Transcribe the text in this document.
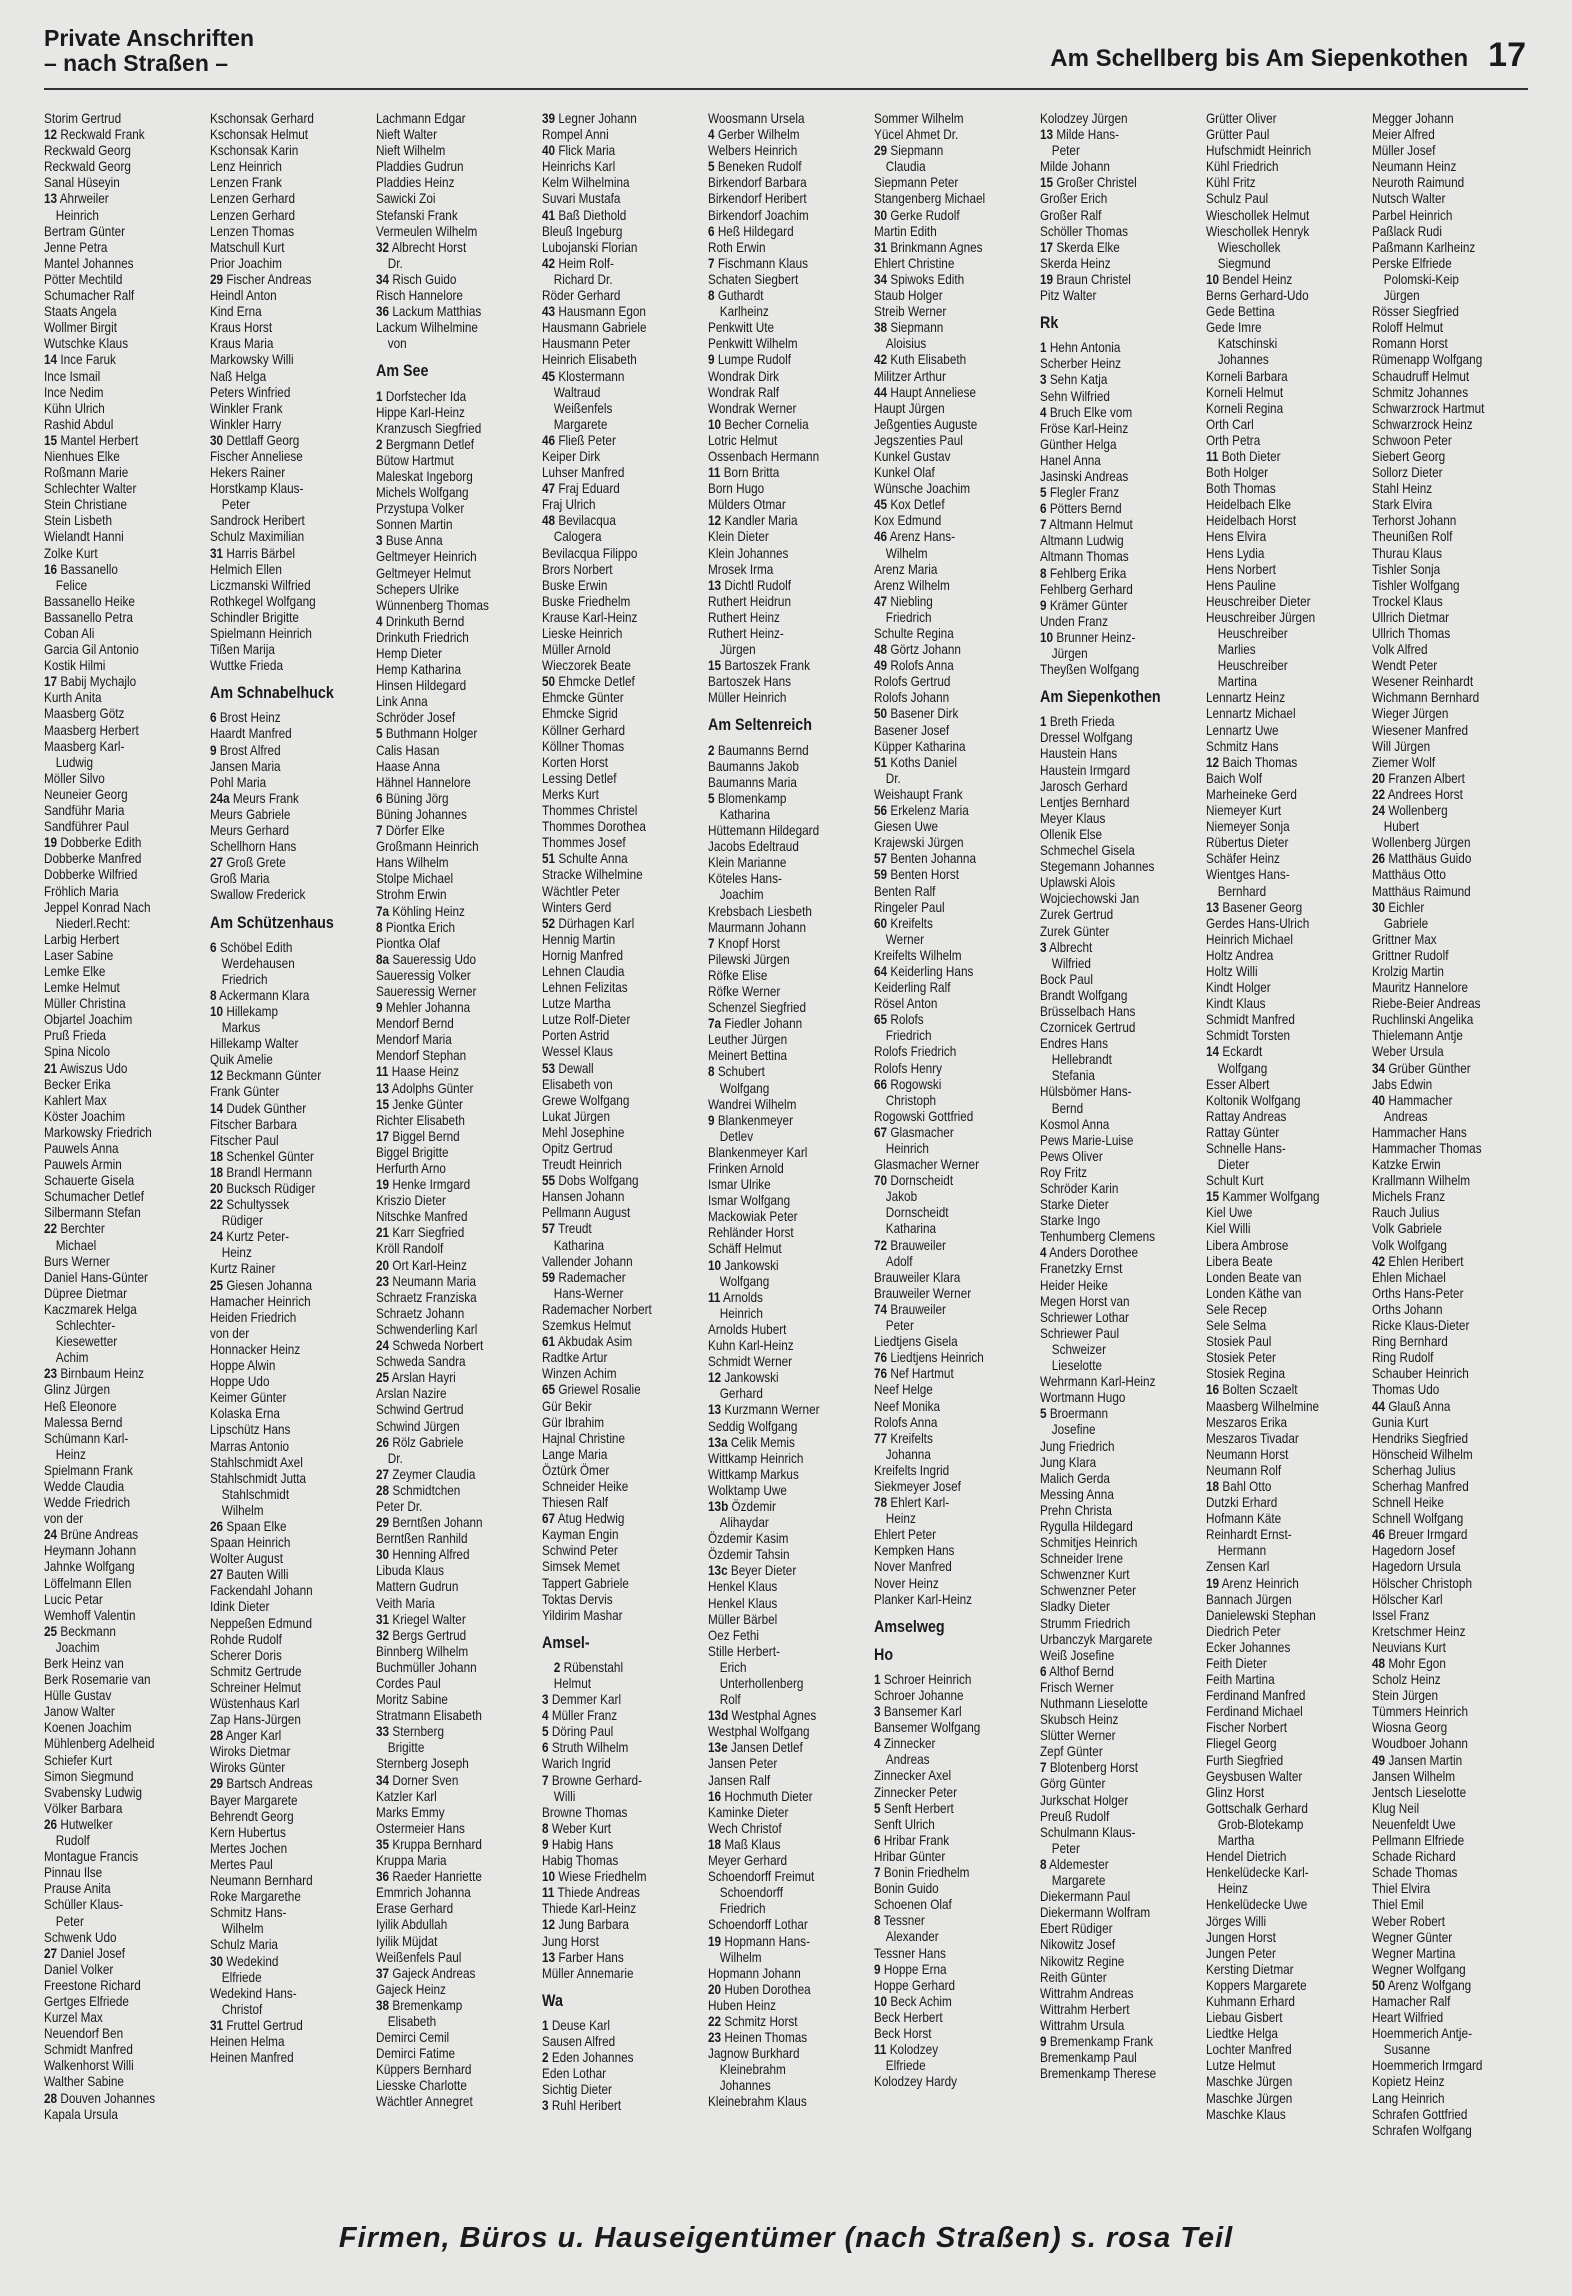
Private Anschriften
– nach Straßen –	Am Schellberg bis Am Siepenkothen 17
Storim Gertrud
12 Reckwald Frank
Reckwald Georg
Reckwald Georg
Sanal Hüseyin
13 Ahrweiler
Heinrich
Bertram Günter
Jenne Petra
Mantel Johannes
Pötter Mechtild
Schumacher Ralf
Staats Angela
Wollmer Birgit
Wutschke Klaus
14 Ince Faruk
Ince Ismail
Ince Nedim
Kühn Ulrich
Rashid Abdul
15 Mantel Herbert
Nienhues Elke
Roßmann Marie
Schlechter Walter
Stein Christiane
Stein Lisbeth
Wielandt Hanni
Zolke Kurt
16 Bassanello
Felice
Bassanello Heike
Bassanello Petra
Coban Ali
Garcia Gil Antonio
Kostik Hilmi
17 Babij Mychajlo
Kurth Anita
Maasberg Götz
Maasberg Herbert
Maasberg Karl-
Ludwig
Möller Silvo
Neuneier Georg
Sandführ Maria
Sandführer Paul
19 Dobberke Edith
Dobberke Manfred
Dobberke Wilfried
Fröhlich Maria
Jeppel Konrad Nach
Niederl.Recht:
Larbig Herbert
Laser Sabine
Lemke Elke
Lemke Helmut
Müller Christina
Objartel Joachim
Pruß Frieda
Spina Nicolo
21 Awiszus Udo
Becker Erika
Kahlert Max
Köster Joachim
Markowsky Friedrich
Pauwels Anna
Pauwels Armin
Schauerte Gisela
Schumacher Detlef
Silbermann Stefan
22 Berchter
Michael
Burs Werner
Daniel Hans-Günter
Düpree Dietmar
Kaczmarek Helga
Schlechter-
Kiesewetter
Achim
23 Birnbaum Heinz
Glinz Jürgen
Heß Eleonore
Malessa Bernd
Schümann Karl-
Heinz
Spielmann Frank
Wedde Claudia
Wedde Friedrich
von der
24 Brüne Andreas
Heymann Johann
Jahnke Wolfgang
Löffelmann Ellen
Lucic Petar
Wemhoff Valentin
25 Beckmann
Joachim
Berk Heinz van
Berk Rosemarie van
Hülle Gustav
Janow Walter
Koenen Joachim
Mühlenberg Adelheid
Schiefer Kurt
Simon Siegmund
Svabensky Ludwig
Völker Barbara
26 Hutwelker
Rudolf
Montague Francis
Pinnau Ilse
Prause Anita
Schüller Klaus-
Peter
Schwenk Udo
27 Daniel Josef
Daniel Volker
Freestone Richard
Gertges Elfriede
Kurzel Max
Neuendorf Ben
Schmidt Manfred
Walkenhorst Willi
Walther Sabine
28 Douven Johannes
Kapala Ursula
Kschonsak Gerhard
Kschonsak Helmut
Kschonsak Karin
Lenz Heinrich
Lenzen Frank
Lenzen Gerhard
Lenzen Gerhard
Lenzen Thomas
Matschull Kurt
Prior Joachim
29 Fischer Andreas
Heindl Anton
Kind Erna
Kraus Horst
Kraus Maria
Markowsky Willi
Naß Helga
Peters Winfried
Winkler Frank
Winkler Harry
30 Dettlaff Georg
Fischer Anneliese
Hekers Rainer
Horstkamp Klaus-
Peter
Sandrock Heribert
Schulz Maximilian
31 Harris Bärbel
Helmich Ellen
Liczmanski Wilfried
Rothkegel Wolfgang
Schindler Brigitte
Spielmann Heinrich
Tißen Marija
Wuttke Frieda
Am Schnabelhuck
6 Brost Heinz
Haardt Manfred
9 Brost Alfred
Jansen Maria
Pohl Maria
24a Meurs Frank
Meurs Gabriele
Meurs Gerhard
Schellhorn Hans
27 Groß Grete
Groß Maria
Swallow Frederick
Am Schützenhaus
6 Schöbel Edith
Werdehausen
Friedrich
8 Ackermann Klara
10 Hillekamp
Markus
Hillekamp Walter
Quik Amelie
12 Beckmann Günter
Frank Günter
14 Dudek Günther
Fitscher Barbara
Fitscher Paul
18 Schenkel Günter
18 Brandl Hermann
20 Bucksch Rüdiger
22 Schultyssek
Rüdiger
24 Kurtz Peter-
Heinz
Kurtz Rainer
25 Giesen Johanna
Hamacher Heinrich
Heiden Friedrich
von der
Honnacker Heinz
Hoppe Alwin
Hoppe Udo
Keimer Günter
Kolaska Erna
Lipschütz Hans
Marras Antonio
Stahlschmidt Axel
Stahlschmidt Jutta
Stahlschmidt
Wilhelm
26 Spaan Elke
Spaan Heinrich
Wolter August
27 Bauten Willi
Fackendahl Johann
Idink Dieter
Neppeßen Edmund
Rohde Rudolf
Scherer Doris
Schmitz Gertrude
Schreiner Helmut
Wüstenhaus Karl
Zap Hans-Jürgen
28 Anger Karl
Wiroks Dietmar
Wiroks Günter
29 Bartsch Andreas
Bayer Margarete
Behrendt Georg
Kern Hubertus
Mertes Jochen
Mertes Paul
Neumann Bernhard
Roke Margarethe
Schmitz Hans-
Wilhelm
Schulz Maria
30 Wedekind
Elfriede
Wedekind Hans-
Christof
31 Fruttel Gertrud
Heinen Helma
Heinen Manfred
Lachmann Edgar
Nieft Walter
Nieft Wilhelm
Pladdies Gudrun
Pladdies Heinz
Sawicki Zoi
Stefanski Frank
Vermeulen Wilhelm
32 Albrecht Horst
Dr.
34 Risch Guido
Risch Hannelore
36 Lackum Matthias
Lackum Wilhelmine
von
Am See
1 Dorfstecher Ida
Hippe Karl-Heinz
Kranzusch Siegfried
2 Bergmann Detlef
Bütow Hartmut
Maleskat Ingeborg
Michels Wolfgang
Przystupa Volker
Sonnen Martin
3 Buse Anna
Geltmeyer Heinrich
Geltmeyer Helmut
Schepers Ulrike
Wünnenberg Thomas
4 Drinkuth Bernd
Drinkuth Friedrich
Hemp Dieter
Hemp Katharina
Hinsen Hildegard
Link Anna
Schröder Josef
5 Buthmann Holger
Calis Hasan
Haase Anna
Hähnel Hannelore
6 Büning Jörg
Büning Johannes
7 Dörfer Elke
Großmann Heinrich
Hans Wilhelm
Stolpe Michael
Strohm Erwin
7a Köhling Heinz
8 Piontka Erich
Piontka Olaf
8a Saueressig Udo
Saueressig Volker
Saueressig Werner
9 Mehler Johanna
Mendorf Bernd
Mendorf Maria
Mendorf Stephan
11 Haase Heinz
13 Adolphs Günter
15 Jenke Günter
Richter Elisabeth
17 Biggel Bernd
Biggel Brigitte
Herfurth Arno
19 Henke Irmgard
Kriszio Dieter
Nitschke Manfred
21 Karr Siegfried
Kröll Randolf
20 Ort Karl-Heinz
23 Neumann Maria
Schraetz Franziska
Schraetz Johann
Schwenderling Karl
24 Schweda Norbert
Schweda Sandra
25 Arslan Hayri
Arslan Nazire
Schwind Gertrud
Schwind Jürgen
26 Rölz Gabriele
Dr.
27 Zeymer Claudia
28 Schmidtchen
Peter Dr.
29 Berntßen Johann
Berntßen Ranhild
30 Henning Alfred
Libuda Klaus
Mattern Gudrun
Veith Maria
31 Kriegel Walter
32 Bergs Gertrud
Binnberg Wilhelm
Buchmüller Johann
Cordes Paul
Moritz Sabine
Stratmann Elisabeth
33 Sternberg
Brigitte
Sternberg Joseph
34 Dorner Sven
Katzler Karl
Marks Emmy
Ostermeier Hans
35 Kruppa Bernhard
Kruppa Maria
36 Raeder Hanriette
Emmrich Johanna
Erase Gerhard
Iyilik Abdullah
Iyilik Müjdat
Weißenfels Paul
37 Gajeck Andreas
Gajeck Heinz
38 Bremenkamp
Elisabeth
Demirci Cemil
Demirci Fatime
Küppers Bernhard
Liesske Charlotte
Wächtler Annegret
39 Legner Johann
Rompel Anni
40 Flick Maria
Heinrichs Karl
Kelm Wilhelmina
Suvari Mustafa
41 Baß Diethold
Bleuß Ingeburg
Lubojanski Florian
42 Heim Rolf-
Richard Dr.
Röder Gerhard
43 Hausmann Egon
Hausmann Gabriele
Hausmann Peter
Heinrich Elisabeth
45 Klostermann
Waltraud
Weißenfels
Margarete
46 Fließ Peter
Keiper Dirk
Luhser Manfred
47 Fraj Eduard
Fraj Ulrich
48 Bevilacqua
Calogera
Bevilacqua Filippo
Brors Norbert
Buske Erwin
Buske Friedhelm
Krause Karl-Heinz
Lieske Heinrich
Müller Arnold
Wieczorek Beate
50 Ehmcke Detlef
Ehmcke Günter
Ehmcke Sigrid
Köllner Gerhard
Köllner Thomas
Korten Horst
Lessing Detlef
Merks Kurt
Thommes Christel
Thommes Dorothea
Thommes Josef
51 Schulte Anna
Stracke Wilhelmine
Wächtler Peter
Winters Gerd
52 Dürhagen Karl
Hennig Martin
Hornig Manfred
Lehnen Claudia
Lehnen Felizitas
Lutze Martha
Lutze Rolf-Dieter
Porten Astrid
Wessel Klaus
53 Dewall
Elisabeth von
Grewe Wolfgang
Lukat Jürgen
Mehl Josephine
Opitz Gertrud
Treudt Heinrich
55 Dobs Wolfgang
Hansen Johann
Pellmann August
57 Treudt
Katharina
Vallender Johann
59 Rademacher
Hans-Werner
Rademacher Norbert
Szemkus Helmut
61 Akbudak Asim
Radtke Artur
Winzen Achim
65 Griewel Rosalie
Gür Bekir
Gür Ibrahim
Hajnal Christine
Lange Maria
Öztürk Ömer
Schneider Heike
Thiesen Ralf
67 Atug Hedwig
Kayman Engin
Schwind Peter
Simsek Memet
Tappert Gabriele
Toktas Dervis
Yildirim Mashar
Amsel-
2 Rübenstahl
Helmut
3 Demmer Karl
4 Müller Franz
5 Döring Paul
6 Struth Wilhelm
Warich Ingrid
7 Browne Gerhard-
Willi
Browne Thomas
8 Weber Kurt
9 Habig Hans
Habig Thomas
10 Wiese Friedhelm
11 Thiede Andreas
Thiede Karl-Heinz
12 Jung Barbara
Jung Horst
13 Farber Hans
Müller Annemarie
Wa
1 Deuse Karl
Sausen Alfred
2 Eden Johannes
Eden Lothar
Sichtig Dieter
3 Ruhl Heribert
Woosmann Ursela
4 Gerber Wilhelm
Welbers Heinrich
5 Beneken Rudolf
Birkendorf Barbara
Birkendorf Heribert
Birkendorf Joachim
6 Heß Hildegard
Roth Erwin
7 Fischmann Klaus
Schaten Siegbert
8 Guthardt
Karlheinz
Penkwitt Ute
Penkwitt Wilhelm
9 Lumpe Rudolf
Wondrak Dirk
Wondrak Ralf
Wondrak Werner
10 Becher Cornelia
Lotric Helmut
Ossenbach Hermann
11 Born Britta
Born Hugo
Mülders Otmar
12 Kandler Maria
Klein Dieter
Klein Johannes
Mrosek Irma
13 Dichtl Rudolf
Ruthert Heidrun
Ruthert Heinz
Ruthert Heinz-
Jürgen
15 Bartoszek Frank
Bartoszek Hans
Müller Heinrich
Am Seltenreich
2 Baumanns Bernd
Baumanns Jakob
Baumanns Maria
5 Blomenkamp
Katharina
Hüttemann Hildegard
Jacobs Edeltraud
Klein Marianne
Köteles Hans-
Joachim
Krebsbach Liesbeth
Maurmann Johann
7 Knopf Horst
Pilewski Jürgen
Röfke Elise
Röfke Werner
Schenzel Siegfried
7a Fiedler Johann
Leuther Jürgen
Meinert Bettina
8 Schubert
Wolfgang
Wandrei Wilhelm
9 Blankenmeyer
Detlev
Blankenmeyer Karl
Frinken Arnold
Ismar Ulrike
Ismar Wolfgang
Mackowiak Peter
Rehländer Horst
Schäff Helmut
10 Jankowski
Wolfgang
11 Arnolds
Heinrich
Arnolds Hubert
Kuhn Karl-Heinz
Schmidt Werner
12 Jankowski
Gerhard
13 Kurzmann Werner
Seddig Wolfgang
13a Celik Memis
Wittkamp Heinrich
Wittkamp Markus
Wolktamp Uwe
13b Özdemir
Alihaydar
Özdemir Kasim
Özdemir Tahsin
13c Beyer Dieter
Henkel Klaus
Henkel Klaus
Müller Bärbel
Oez Fethi
Stille Herbert-
Erich
Unterhollenberg
Rolf
13d Westphal Agnes
Westphal Wolfgang
13e Jansen Detlef
Jansen Peter
Jansen Ralf
16 Hochmuth Dieter
Kaminke Dieter
Wech Christof
18 Maß Klaus
Meyer Gerhard
Schoendorff Freimut
Schoendorff
Friedrich
Schoendorff Lothar
19 Hopmann Hans-
Wilhelm
Hopmann Johann
20 Huben Dorothea
Huben Heinz
22 Schmitz Horst
23 Heinen Thomas
Jagnow Burkhard
Kleinebrahm
Johannes
Kleinebrahm Klaus
Sommer Wilhelm
Yücel Ahmet Dr.
29 Siepmann
Claudia
Siepmann Peter
Stangenberg Michael
30 Gerke Rudolf
Martin Edith
31 Brinkmann Agnes
Ehlert Christine
34 Spiwoks Edith
Staub Holger
Streib Werner
38 Siepmann
Aloisius
42 Kuth Elisabeth
Militzer Arthur
44 Haupt Anneliese
Haupt Jürgen
Jeßgenties Auguste
Jegszenties Paul
Kunkel Gustav
Kunkel Olaf
Wünsche Joachim
45 Kox Detlef
Kox Edmund
46 Arenz Hans-
Wilhelm
Arenz Maria
Arenz Wilhelm
47 Niebling
Friedrich
Schulte Regina
48 Görtz Johann
49 Rolofs Anna
Rolofs Gertrud
Rolofs Johann
50 Basener Dirk
Basener Josef
Küpper Katharina
51 Koths Daniel
Dr.
Weishaupt Frank
56 Erkelenz Maria
Giesen Uwe
Krajewski Jürgen
57 Benten Johanna
59 Benten Horst
Benten Ralf
Ringeler Paul
60 Kreifelts
Werner
Kreifelts Wilhelm
64 Keiderling Hans
Keiderling Ralf
Rösel Anton
65 Rolofs
Friedrich
Rolofs Friedrich
Rolofs Henry
66 Rogowski
Christoph
Rogowski Gottfried
67 Glasmacher
Heinrich
Glasmacher Werner
70 Dornscheidt
Jakob
Dornscheidt
Katharina
72 Brauweiler
Adolf
Brauweiler Klara
Brauweiler Werner
74 Brauweiler
Peter
Liedtjens Gisela
76 Liedtjens Heinrich
76 Nef Hartmut
Neef Helge
Neef Monika
Rolofs Anna
77 Kreifelts
Johanna
Kreifelts Ingrid
Siekmeyer Josef
78 Ehlert Karl-
Heinz
Ehlert Peter
Kempken Hans
Nover Manfred
Nover Heinz
Planker Karl-Heinz
Amselweg
Ho
1 Schroer Heinrich
Schroer Johanne
3 Bansemer Karl
Bansemer Wolfgang
4 Zinnecker
Andreas
Zinnecker Axel
Zinnecker Peter
5 Senft Herbert
Senft Ulrich
6 Hribar Frank
Hribar Günter
7 Bonin Friedhelm
Bonin Guido
Schoenen Olaf
8 Tessner
Alexander
Tessner Hans
9 Hoppe Erna
Hoppe Gerhard
10 Beck Achim
Beck Herbert
Beck Horst
11 Kolodzey
Elfriede
Kolodzey Hardy
Kolodzey Jürgen
13 Milde Hans-
Peter
Milde Johann
15 Großer Christel
Großer Erich
Großer Ralf
Schöller Thomas
17 Skerda Elke
Skerda Heinz
19 Braun Christel
Pitz Walter
Rk
1 Hehn Antonia
Scherber Heinz
3 Sehn Katja
Sehn Wilfried
4 Bruch Elke vom
Fröse Karl-Heinz
Günther Helga
Hanel Anna
Jasinski Andreas
5 Flegler Franz
6 Pötters Bernd
7 Altmann Helmut
Altmann Ludwig
Altmann Thomas
8 Fehlberg Erika
Fehlberg Gerhard
9 Krämer Günter
Unden Franz
10 Brunner Heinz-
Jürgen
Theyßen Wolfgang
Am Siepenkothen
1 Breth Frieda
Dressel Wolfgang
Haustein Hans
Haustein Irmgard
Jarosch Gerhard
Lentjes Bernhard
Meyer Klaus
Ollenik Else
Schmechel Gisela
Stegemann Johannes
Uplawski Alois
Wojciechowski Jan
Zurek Gertrud
Zurek Günter
3 Albrecht
Wilfried
Bock Paul
Brandt Wolfgang
Brüsselbach Hans
Czornicek Gertrud
Endres Hans
Hellebrandt
Stefania
Hülsbömer Hans-
Bernd
Kosmol Anna
Pews Marie-Luise
Pews Oliver
Roy Fritz
Schröder Karin
Starke Dieter
Starke Ingo
Tenhumberg Clemens
4 Anders Dorothee
Franetzky Ernst
Heider Heike
Megen Horst van
Schriewer Lothar
Schriewer Paul
Schweizer
Lieselotte
Wehrmann Karl-Heinz
Wortmann Hugo
5 Broermann
Josefine
Jung Friedrich
Jung Klara
Malich Gerda
Messing Anna
Prehn Christa
Rygulla Hildegard
Schmitjes Heinrich
Schneider Irene
Schwenzner Kurt
Schwenzner Peter
Sladky Dieter
Strumm Friedrich
Urbanczyk Margarete
Weiß Josefine
6 Althof Bernd
Frisch Werner
Nuthmann Lieselotte
Skubsch Heinz
Slütter Werner
Zepf Günter
7 Blotenberg Horst
Görg Günter
Jurkschat Holger
Preuß Rudolf
Schulmann Klaus-
Peter
8 Aldemester
Margarete
Diekermann Paul
Diekermann Wolfram
Ebert Rüdiger
Nikowitz Josef
Nikowitz Regine
Reith Günter
Wittrahm Andreas
Wittrahm Herbert
Wittrahm Ursula
9 Bremenkamp Frank
Bremenkamp Paul
Bremenkamp Therese
Grütter Oliver
Grütter Paul
Hufschmidt Heinrich
Kühl Friedrich
Kühl Fritz
Schulz Paul
Wieschollek Helmut
Wieschollek Henryk
Wieschollek
Siegmund
10 Bendel Heinz
Berns Gerhard-Udo
Gede Bettina
Gede Imre
Katschinski
Johannes
Korneli Barbara
Korneli Helmut
Korneli Regina
Orth Carl
Orth Petra
11 Both Dieter
Both Holger
Both Thomas
Heidelbach Elke
Heidelbach Horst
Hens Elvira
Hens Lydia
Hens Norbert
Hens Pauline
Heuschreiber Dieter
Heuschreiber Jürgen
Heuschreiber
Marlies
Heuschreiber
Martina
Lennartz Heinz
Lennartz Michael
Lennartz Uwe
Schmitz Hans
12 Baich Thomas
Baich Wolf
Marheineke Gerd
Niemeyer Kurt
Niemeyer Sonja
Rübertus Dieter
Schäfer Heinz
Wientges Hans-
Bernhard
13 Basener Georg
Gerdes Hans-Ulrich
Heinrich Michael
Holtz Andrea
Holtz Willi
Kindt Holger
Kindt Klaus
Schmidt Manfred
Schmidt Torsten
14 Eckardt
Wolfgang
Esser Albert
Koltonik Wolfgang
Rattay Andreas
Rattay Günter
Schnelle Hans-
Dieter
Schult Kurt
15 Kammer Wolfgang
Kiel Uwe
Kiel Willi
Libera Ambrose
Libera Beate
Londen Beate van
Londen Käthe van
Sele Recep
Sele Selma
Stosiek Paul
Stosiek Peter
Stosiek Regina
16 Bolten Sczaelt
Maasberg Wilhelmine
Meszaros Erika
Meszaros Tivadar
Neumann Horst
Neumann Rolf
18 Bahl Otto
Dutzki Erhard
Hofmann Käte
Reinhardt Ernst-
Hermann
Zensen Karl
19 Arenz Heinrich
Bannach Jürgen
Danielewski Stephan
Diedrich Peter
Ecker Johannes
Feith Dieter
Feith Martina
Ferdinand Manfred
Ferdinand Michael
Fischer Norbert
Fliegel Georg
Furth Siegfried
Geysbusen Walter
Glinz Horst
Gottschalk Gerhard
Grob-Blotekamp
Martha
Hendel Dietrich
Henkelüdecke Karl-
Heinz
Henkelüdecke Uwe
Jörges Willi
Jungen Horst
Jungen Peter
Kersting Dietmar
Koppers Margarete
Kuhmann Erhard
Liebau Gisbert
Liedtke Helga
Lochter Manfred
Lutze Helmut
Maschke Jürgen
Maschke Jürgen
Maschke Klaus
Megger Johann
Meier Alfred
Müller Josef
Neumann Heinz
Neuroth Raimund
Nutsch Walter
Parbel Heinrich
Paßlack Rudi
Paßmann Karlheinz
Perske Elfriede
Polomski-Keip
Jürgen
Rösser Siegfried
Roloff Helmut
Romann Horst
Rümenapp Wolfgang
Schaudruff Helmut
Schmitz Johannes
Schwarzrock Hartmut
Schwarzrock Heinz
Schwoon Peter
Siebert Georg
Sollorz Dieter
Stahl Heinz
Stark Elvira
Terhorst Johann
Theunißen Rolf
Thurau Klaus
Tishler Sonja
Tishler Wolfgang
Trockel Klaus
Ullrich Dietmar
Ullrich Thomas
Volk Alfred
Wendt Peter
Wesener Reinhardt
Wichmann Bernhard
Wieger Jürgen
Wiesener Manfred
Will Jürgen
Ziemer Wolf
20 Franzen Albert
22 Andrees Horst
24 Wollenberg
Hubert
Wollenberg Jürgen
26 Matthäus Guido
Matthäus Otto
Matthäus Raimund
30 Eichler
Gabriele
Grittner Max
Grittner Rudolf
Krolzig Martin
Mauritz Hannelore
Riebe-Beier Andreas
Ruchlinski Angelika
Thielemann Antje
Weber Ursula
34 Grüber Günther
Jabs Edwin
40 Hammacher
Andreas
Hammacher Hans
Hammacher Thomas
Katzke Erwin
Krallmann Wilhelm
Michels Franz
Rauch Julius
Volk Gabriele
Volk Wolfgang
42 Ehlen Heribert
Ehlen Michael
Orths Hans-Peter
Orths Johann
Ricke Klaus-Dieter
Ring Bernhard
Ring Rudolf
Schauber Heinrich
Thomas Udo
44 Glauß Anna
Gunia Kurt
Hendriks Siegfried
Hönscheid Wilhelm
Scherhag Julius
Scherhag Manfred
Schnell Heike
Schnell Wolfgang
46 Breuer Irmgard
Hagedorn Josef
Hagedorn Ursula
Hölscher Christoph
Hölscher Karl
Issel Franz
Kretschmer Heinz
Neuvians Kurt
48 Mohr Egon
Scholz Heinz
Stein Jürgen
Tümmers Heinrich
Wiosna Georg
Woudboer Johann
49 Jansen Martin
Jansen Wilhelm
Jentsch Lieselotte
Klug Neil
Neuenfeldt Uwe
Pellmann Elfriede
Schade Richard
Schade Thomas
Thiel Elvira
Thiel Emil
Weber Robert
Wegner Günter
Wegner Martina
Wegner Wolfgang
50 Arenz Wolfgang
Hamacher Ralf
Heart Wilfried
Hoemmerich Antje-
Susanne
Hoemmerich Irmgard
Kopietz Heinz
Lang Heinrich
Schrafen Gottfried
Schrafen Wolfgang
Firmen, Büros u. Hauseigentümer (nach Straßen) s. rosa Teil
